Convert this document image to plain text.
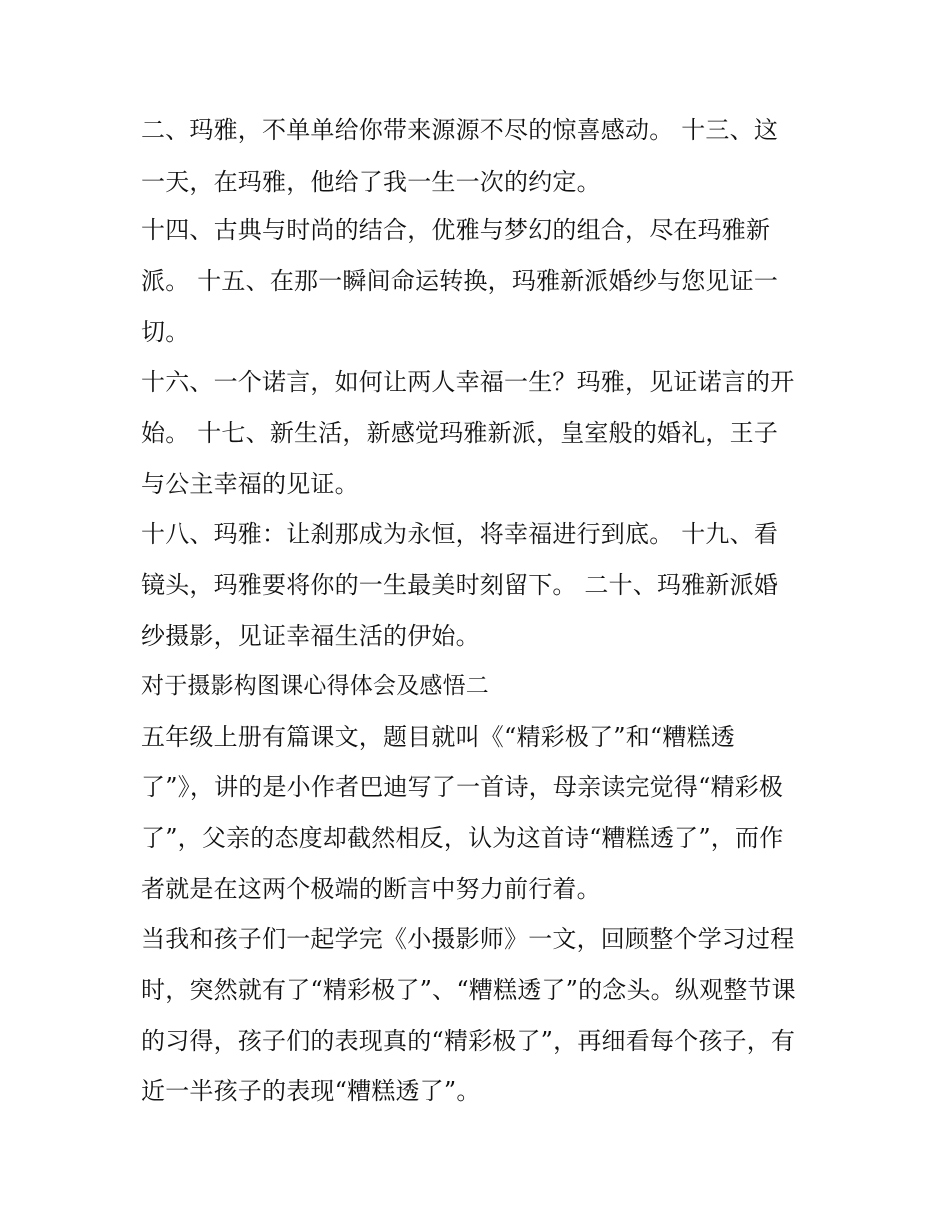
二、玛雅，不单单给你带来源源不尽的惊喜感动。 十三、这
一天，在玛雅，他给了我一生一次的约定。
十四、古典与时尚的结合，优雅与梦幻的组合，尽在玛雅新
派。 十五、在那一瞬间命运转换，玛雅新派婚纱与您见证一
切。
十六、一个诺言，如何让两人幸福一生？玛雅，见证诺言的开
始。 十七、新生活，新感觉玛雅新派，皇室般的婚礼，王子
与公主幸福的见证。
十八、玛雅：让刹那成为永恒，将幸福进行到底。 十九、看
镜头，玛雅要将你的一生最美时刻留下。 二十、玛雅新派婚
纱摄影，见证幸福生活的伊始。
对于摄影构图课心得体会及感悟二
五年级上册有篇课文，题目就叫《“精彩极了”和“糟糕透
了”》，讲的是小作者巴迪写了一首诗，母亲读完觉得“精彩极
了”，父亲的态度却截然相反，认为这首诗“糟糕透了”，而作
者就是在这两个极端的断言中努力前行着。
当我和孩子们一起学完《小摄影师》一文，回顾整个学习过程
时，突然就有了“精彩极了”、“糟糕透了”的念头。纵观整节课
的习得，孩子们的表现真的“精彩极了”，再细看每个孩子，有
近一半孩子的表现“糟糕透了”。
